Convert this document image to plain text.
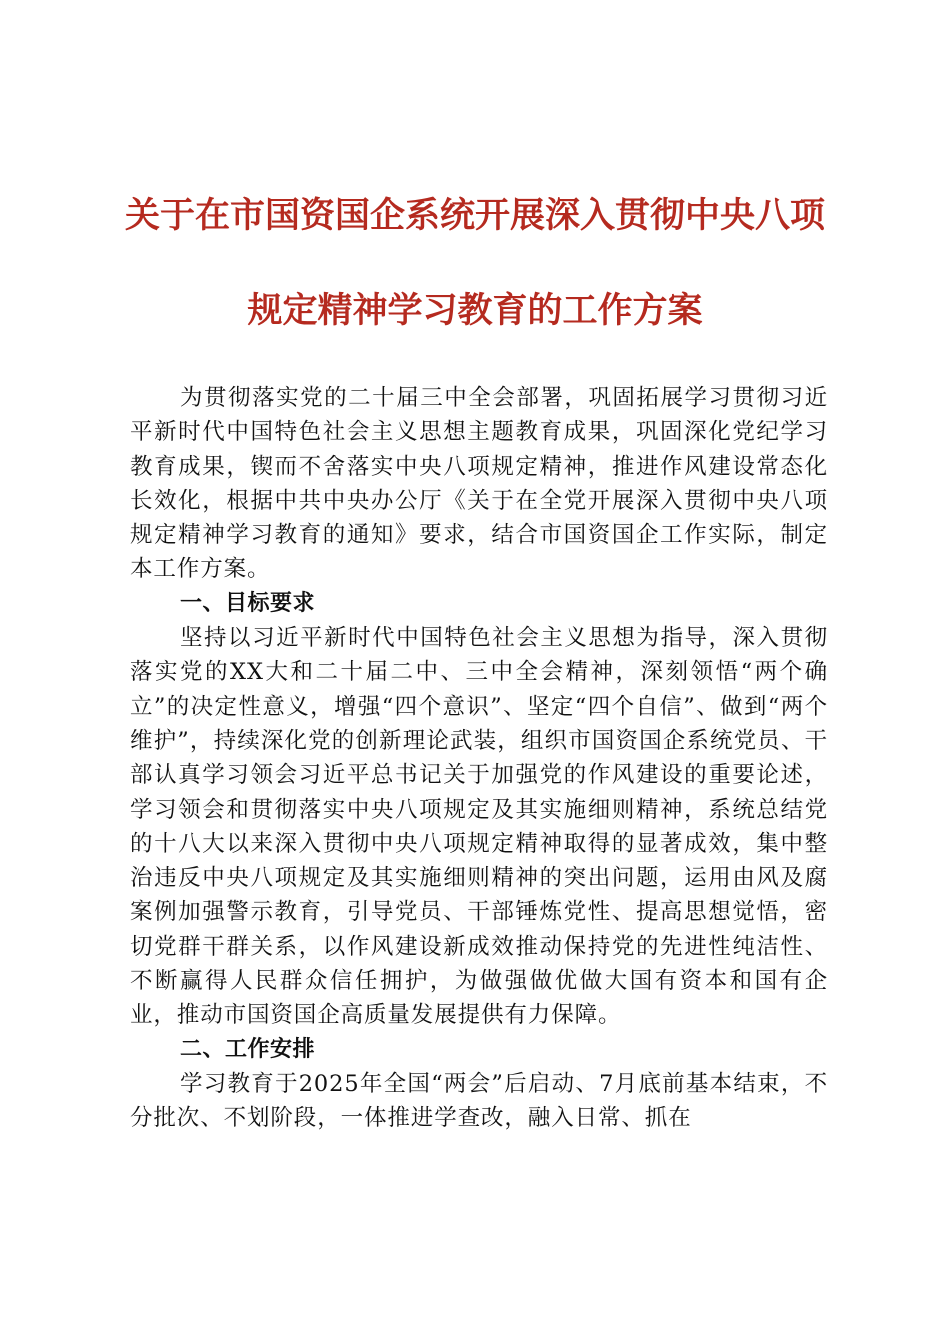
关于在市国资国企系统开展深入贯彻中央八项
规定精神学习教育的工作方案

为贯彻落实党的二十届三中全会部署，巩固拓展学习贯彻习近平新时代中国特色社会主义思想主题教育成果，巩固深化党纪学习教育成果，锲而不舍落实中央八项规定精神，推进作风建设常态化长效化，根据中共中央办公厅《关于在全党开展深入贯彻中央八项规定精神学习教育的通知》要求，结合市国资国企工作实际，制定本工作方案。

一、目标要求

坚持以习近平新时代中国特色社会主义思想为指导，深入贯彻落实党的XX大和二十届二中、三中全会精神，深刻领悟“两个确立”的决定性意义，增强“四个意识”、坚定“四个自信”、做到“两个维护”，持续深化党的创新理论武装，组织市国资国企系统党员、干部认真学习领会习近平总书记关于加强党的作风建设的重要论述，学习领会和贯彻落实中央八项规定及其实施细则精神，系统总结党的十八大以来深入贯彻中央八项规定精神取得的显著成效，集中整治违反中央八项规定及其实施细则精神的突出问题，运用由风及腐案例加强警示教育，引导党员、干部锤炼党性、提高思想觉悟，密切党群干群关系，以作风建设新成效推动保持党的先进性纯洁性、不断赢得人民群众信任拥护，为做强做优做大国有资本和国有企业，推动市国资国企高质量发展提供有力保障。

二、工作安排

学习教育于2025年全国“两会”后启动、7月底前基本结束，不分批次、不划阶段，一体推进学查改，融入日常、抓在
